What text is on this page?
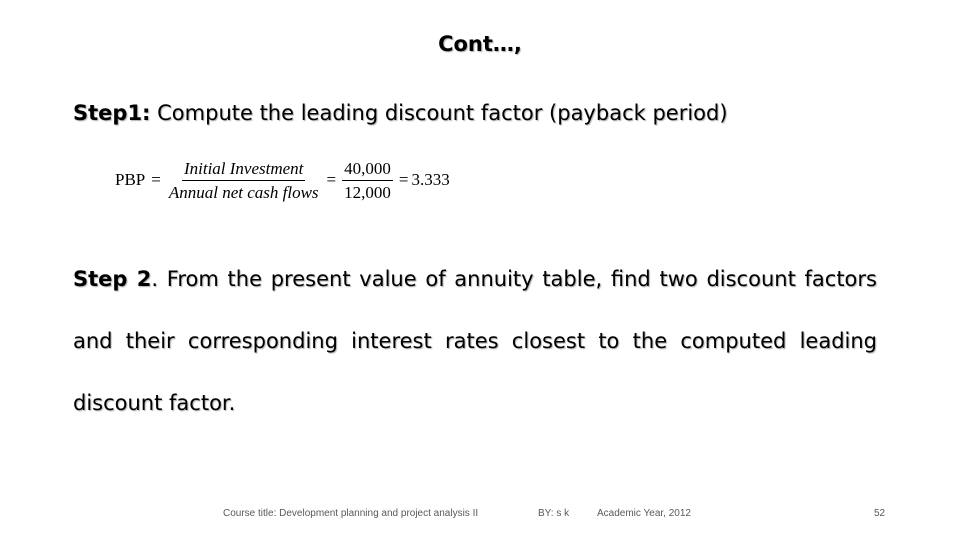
Cont…,
Step1: Compute the leading discount factor (payback period)
PBP = $\frac{\text{Initial Investment}}{\text{Annual net cash flows}} = \frac{40,000}{12,000} = 3.333$
Step 2. From the present value of annuity table, find two discount factors and their corresponding interest rates closest to the computed leading discount factor.
Course title: Development planning and project analysis II	BY: s k	Academic Year, 2012	52
